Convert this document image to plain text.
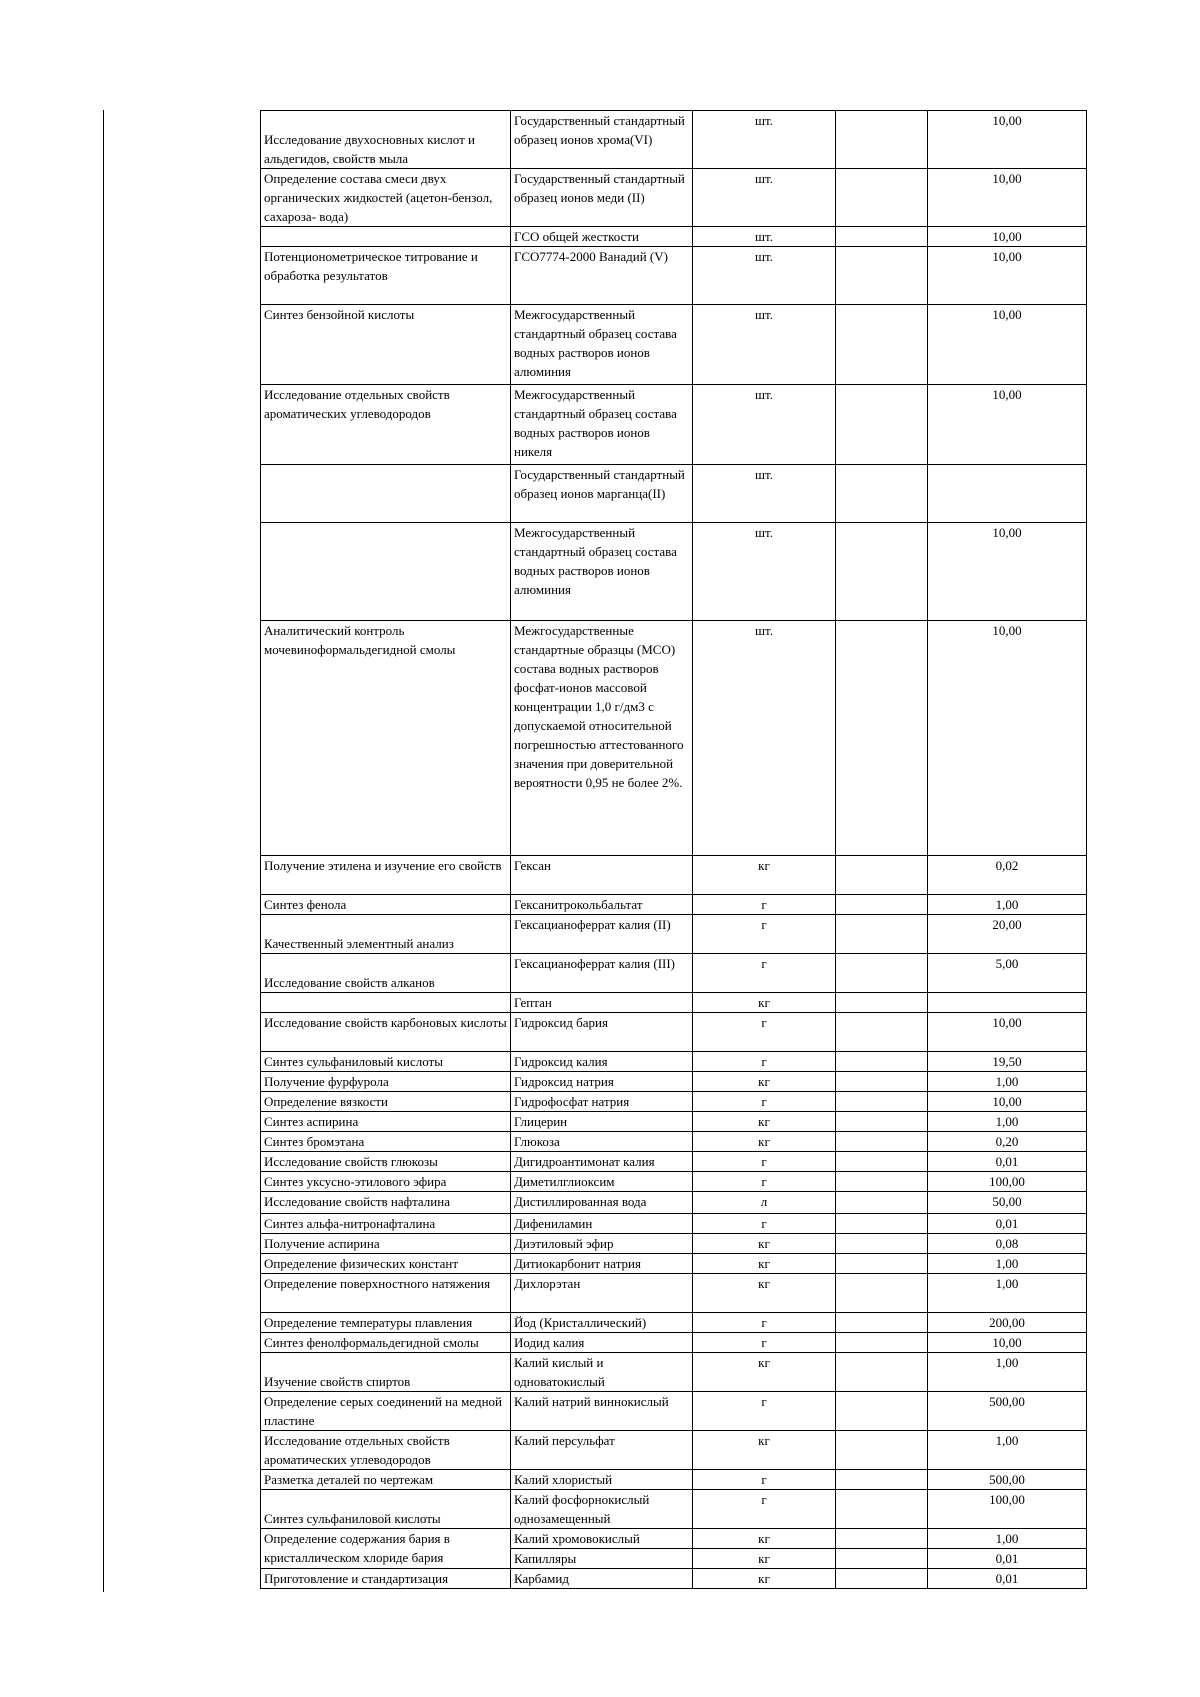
Исследование двухосновных кислот и альдегидов, свойств мыла	Государственный стандартный образец ионов хрома(VI)	шт.		10,00
Определение состава смеси двух органических жидкостей (ацетон-бензол, сахароза- вода)	Государственный стандартный образец ионов меди (II)	шт.		10,00
	ГСО общей жесткости	шт.		10,00
Потенционометрическое титрование и обработка результатов	ГСО7774-2000 Ванадий (V)	шт.		10,00
Синтез бензойной кислоты	Межгосударственный стандартный образец состава водных растворов ионов алюминия	шт.		10,00
Исследование отдельных свойств ароматических углеводородов	Межгосударственный стандартный образец состава водных растворов ионов никеля	шт.		10,00
	Государственный стандартный образец ионов марганца(II)	шт.		
	Межгосударственный стандартный образец состава водных растворов ионов алюминия	шт.		10,00
Аналитический контроль мочевиноформальдегидной смолы	Межгосударственные стандартные образцы (МСО) состава водных растворов фосфат-ионов массовой концентрации 1,0 г/дм3 с допускаемой относительной погрешностью аттестованного значения при доверительной вероятности 0,95 не более 2%.	шт.		10,00
Получение этилена и изучение его свойств	Гексан	кг		0,02
Синтез фенола	Гексанитрокольбальтат	г		1,00
Качественный элементный анализ	Гексацианоферрат калия (II)	г		20,00
Исследование свойств алканов	Гексацианоферрат калия (III)	г		5,00
	Гептан	кг		
Исследование свойств карбоновых кислоты	Гидроксид бария	г		10,00
Синтез сульфаниловый кислоты	Гидроксид калия	г		19,50
Получение фурфурола	Гидроксид натрия	кг		1,00
Определение вязкости	Гидрофосфат натрия	г		10,00
Синтез аспирина	Глицерин	кг		1,00
Синтез бромэтана	Глюкоза	кг		0,20
Исследование свойств глюкозы	Дигидроантимонат калия	г		0,01
Синтез уксусно-этилового эфира	Диметилглиоксим	г		100,00
Исследование свойств нафталина	Дистиллированная вода	л		50,00
Синтез альфа-нитронафталина	Дифениламин	г		0,01
Получение аспирина	Диэтиловый эфир	кг		0,08
Определение физических констант	Дитиокарбонит натрия	кг		1,00
Определение поверхностного натяжения	Дихлорэтан	кг		1,00
Определение температуры плавления	Йод (Кристаллический)	г		200,00
Синтез фенолформальдегидной смолы	Иодид калия	г		10,00
Изучение свойств спиртов	Калий кислый и одноватокислый	кг		1,00
Определение серых соединений на медной пластине	Калий натрий виннокислый	г		500,00
Исследование отдельных свойств ароматических углеводородов	Калий персульфат	кг		1,00
Разметка деталей по чертежам	Калий хлористый	г		500,00
Синтез сульфаниловой кислоты	Калий фосфорнокислый однозамещенный	г		100,00
Определение содержания бария в кристаллическом хлориде бария	Калий хромовокислый	кг		1,00
	Капилляры	кг		0,01
Приготовление и стандартизация	Карбамид	кг		0,01
